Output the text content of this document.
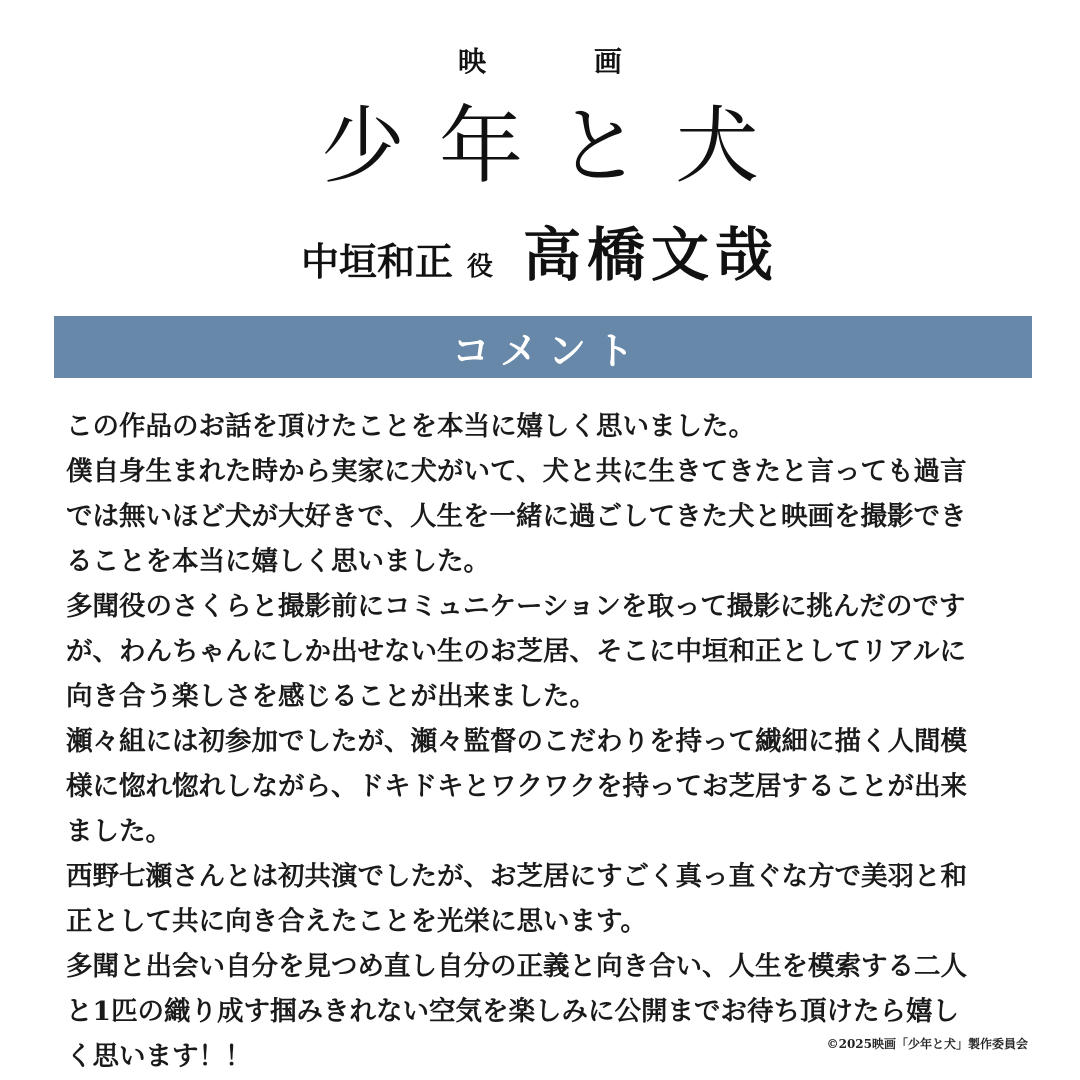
映　画
少年と犬
中垣和正 役 高橋文哉
コメント

この作品のお話を頂けたことを本当に嬉しく思いました。

僕自身生まれた時から実家に犬がいて、犬と共に生きてきたと言っても過言

では無いほど犬が大好きで、人生を一緒に過ごしてきた犬と映画を撮影でき

ることを本当に嬉しく思いました。

多聞役のさくらと撮影前にコミュニケーションを取って撮影に挑んだのです

が、わんちゃんにしか出せない生のお芝居、そこに中垣和正としてリアルに

向き合う楽しさを感じることが出来ました。

瀬々組には初参加でしたが、瀬々監督のこだわりを持って繊細に描く人間模

様に惚れ惚れしながら、ドキドキとワクワクを持ってお芝居することが出来

ました。

西野七瀬さんとは初共演でしたが、お芝居にすごく真っ直ぐな方で美羽と和

正として共に向き合えたことを光栄に思います。

多聞と出会い自分を見つめ直し自分の正義と向き合い、人生を模索する二人

と1匹の織り成す掴みきれない空気を楽しみに公開までお待ち頂けたら嬉し

く思います！！	©2025映画「少年と犬」製作委員会
